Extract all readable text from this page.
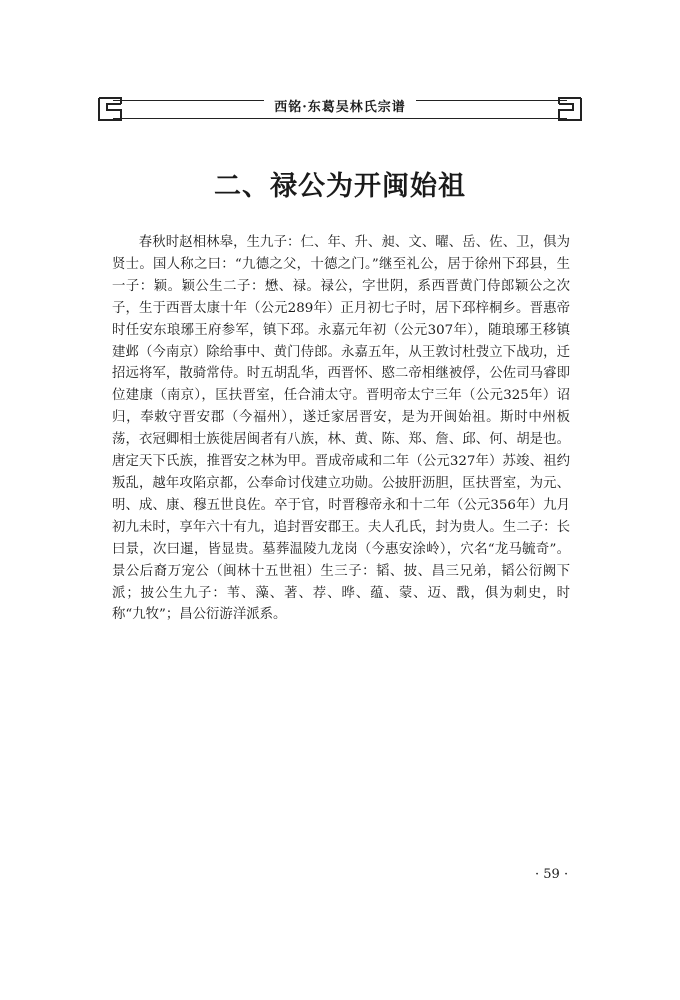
西铭·东葛吴林氏宗谱
二、禄公为开闽始祖

春秋时赵相林皋，生九子：仁、年、升、昶、文、曜、岳、佐、卫，俱为贤士。国人称之曰：“九德之父，十德之门。”继至礼公，居于徐州下邳县，生一子：颖。颖公生二子：懋、禄。禄公，字世阴，系西晋黄门侍郎颖公之次子，生于西晋太康十年（公元289年）正月初七子时，居下邳梓桐乡。晋惠帝时任安东琅琊王府参军，镇下邳。永嘉元年初（公元307年），随琅琊王移镇建邺（今南京）除给事中、黄门侍郎。永嘉五年，从王敦讨杜弢立下战功，迁招远将军，散骑常侍。时五胡乱华，西晋怀、愍二帝相继被俘，公佐司马睿即位建康（南京），匡扶晋室，任合浦太守。晋明帝太宁三年（公元325年）诏归，奉敕守晋安郡（今福州），遂迁家居晋安，是为开闽始祖。斯时中州板荡，衣冠卿相士族徙居闽者有八族，林、黄、陈、郑、詹、邱、何、胡是也。唐定天下氏族，推晋安之林为甲。晋成帝咸和二年（公元327年）苏竣、祖约叛乱，越年攻陷京都，公奉命讨伐建立功勋。公披肝沥胆，匡扶晋室，为元、明、成、康、穆五世良佐。卒于官，时晋穆帝永和十二年（公元356年）九月初九未时，享年六十有九，追封晋安郡王。夫人孔氏，封为贵人。生二子：长曰景，次曰暹，皆显贵。墓葬温陵九龙岗（今惠安涂岭），穴名“龙马毓奇”。景公后裔万宠公（闽林十五世祖）生三子：韬、披、昌三兄弟，韬公衍阙下派；披公生九子：苇、藻、著、荐、晔、蕴、蒙、迈、戬，俱为刺史，时称“九牧”；昌公衍游洋派系。

· 59 ·
